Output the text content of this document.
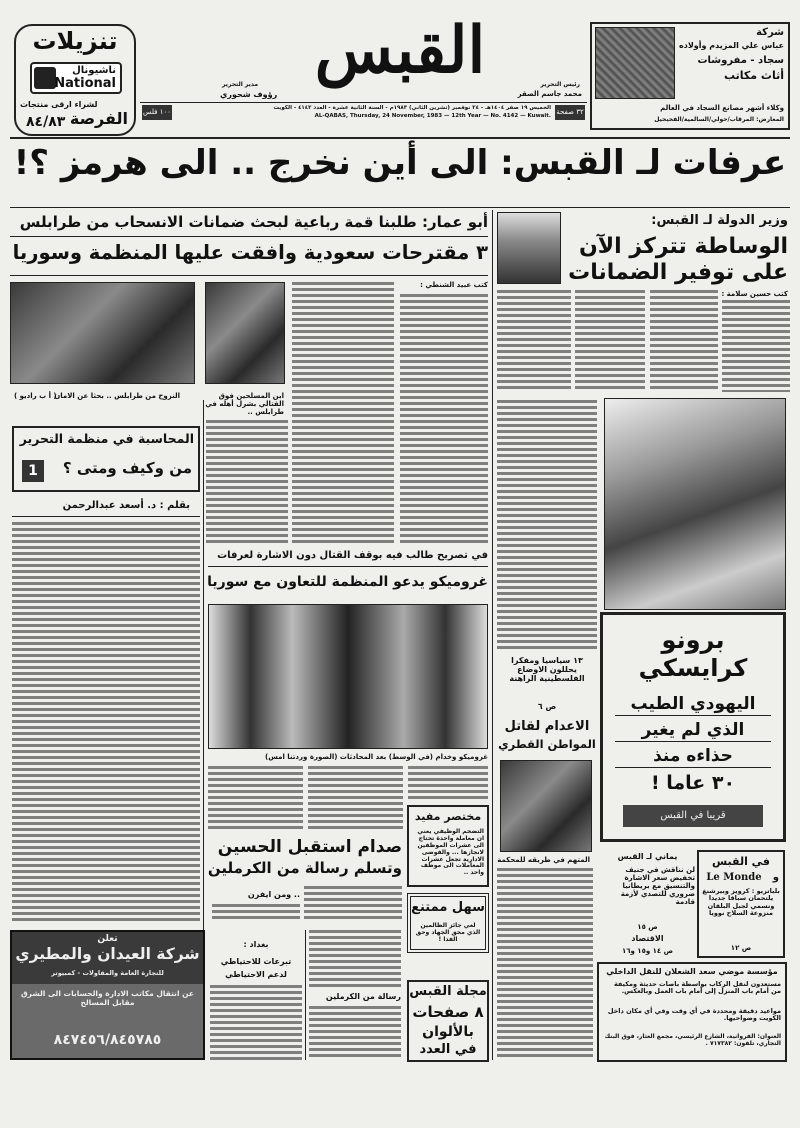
تنزيلات
ناشيونال
National
لشراء ارقى منتجات
الفرصة
٨٤/٨٣
القبس
مدير التحرير
رؤوف شحوري
رئيس التحرير
محمد جاسم الصقر
٣٢ صفحة
١٠٠ فلس	الخميس ١٩ صفر ١٤٠٤هـ - ٢٤ نوفمبر (تشرين الثاني) ١٩٨٣م - السنة الثانية عشرة - العدد ٤١٤٢ - الكويت
AL-QABAS, Thursday, 24 November, 1983 — 12th Year — No. 4142 — Kuwait.
شركة
عباس علي المزيدم وأولاده
سجاد - مفروشات
أثاث مكاتب
وكلاء أشهر مصانع السجاد في العالم
المعارض: المرقاب/حولي/السالمية/الفحيحيل
عرفات لـ القبس: الى أين نخرج .. الى هرمز ؟!
وزير الدولة لـ القبس:
الوساطة تتركز الآن
على توفير الضمانات
كتب حسين سلامة :
برونو
كرايسكي
اليهودي الطيب
الذي لم يغير
حذاءه منذ
٣٠ عاما !
قريبا في القبس
١٣ سياسيا ومفكرا يحللون الاوضاع الفلسطينية الراهنة
ص ٦
الاعدام لقاتل
المواطن القطري
المتهم في طريقه للمحكمة	يماني لـ القبس
لن نناقش في جنيف تخفيض سعر الاشارة والتنسيق مع بريطانيا ضروري للتصدي لأزمة قادمة
ص ١٥
الاقتصاد
ص ١٤ و١٥ و١٦
في القبس
Le Monde	و
بلباتريو : كرويز وبيرشنغ يلتحمان سباقا جديدا ونسمي لجبل البلقان منزوعة السلاح نوويا
ص ١٢
مؤسسة موضي سعد الشعلان للنقل الداخلي
مستعدون لنقل الركاب بواسطة باصات حديثة ومكيفة من أمام باب المنزل إلى أمام باب العمل وبالعكس.
مواعيد دقيقة ومحددة في أي وقت وفي أي مكان داخل الكويت وضواحيها.
العنوان: الفروانية، الشارع الرئيسي، مجمع العثار، فوق البنك التجاري، تلفون: ٧١٧٣٨٢ .
أبو عمار: طلبنا قمة رباعية لبحث ضمانات الانسحاب من طرابلس
٣ مقترحات سعودية وافقت عليها المنظمة وسوريا
النزوح من طرابلس .. بحثا عن الامان
( أ ب راديو )	ابن المسلحين فوق القتالي بشرل أهله في طرابلس ..
كتب عبيد الشنطي :
المحاسبة في منظمة التحرير
من وكيف ومتى ؟
1
بقلم : د. أسعد عبدالرحمن
في تصريح طالب فيه بوقف القتال دون الاشارة لعرفات
غروميكو يدعو المنظمة للتعاون مع سوريا
غروميكو وخدام (في الوسط) بعد المحادثات (الصورة وردتنا امس)
مختصر مفيد
التضخم الوظيفي يعني ان معاملة واحدة تحتاج الى عشرات الموظفين لانجازها ... والفوضى الادارية تجعل عشرات المعاملات الى موظف واحد ..
صدام استقبل الحسين
وتسلم رسالة من الكرملين
.. ومن ايفرن
سهل ممتنع
لغي جائز الظالمين الذي محق الجهاد وحق الفدا !
مجلة القبس
٨ صفحات
بالألوان
في العدد
تعلن
شركة العيدان والمطيري
للتجارة العامة والمقاولات - كمبيوتر
عن انتقال مكاتب الادارة والحسابات الى الشرق مقابل المسالخ
٨٤٧٤٥٦/٨٤٥٧٨٥
بغداد :
تبرعات للاحتياطي
لدعم الاحتياطي
رسالة من الكرملين
